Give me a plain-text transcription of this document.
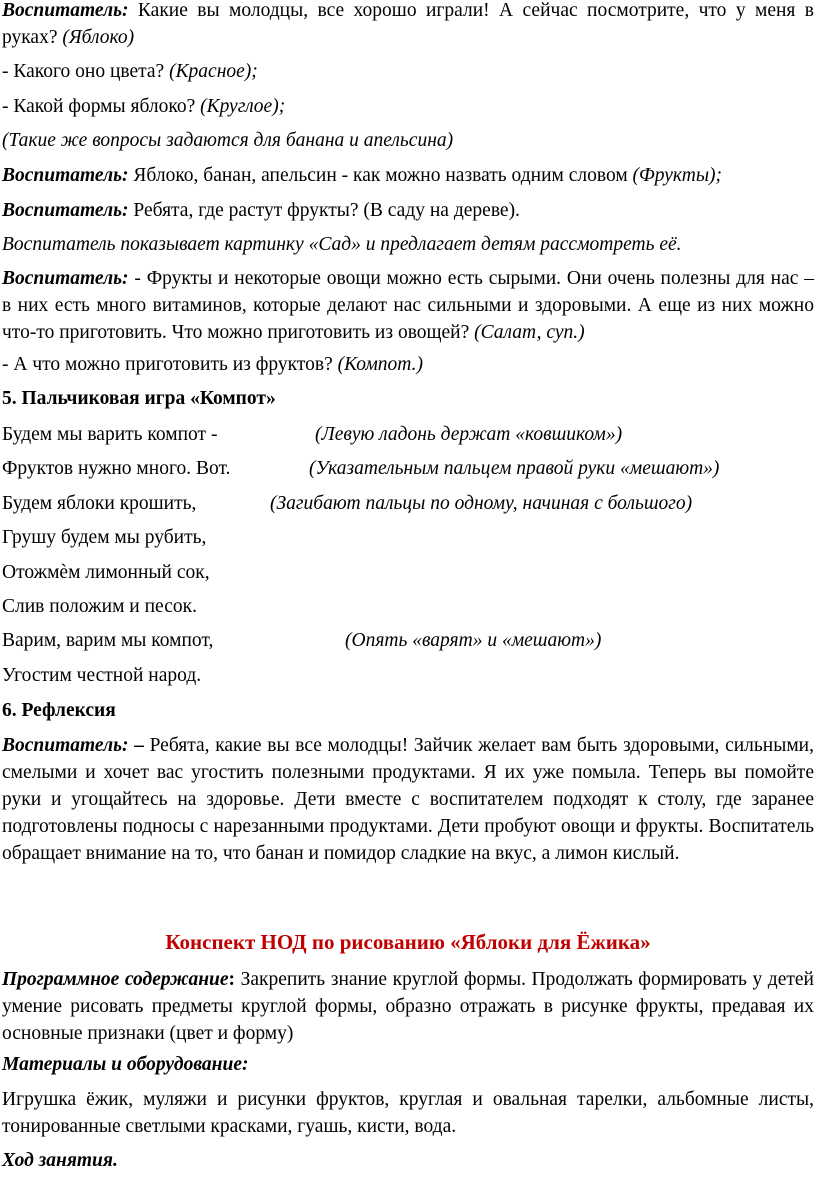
Воспитатель: Какие вы молодцы, все хорошо играли! А сейчас посмотрите, что у меня в руках? (Яблоко)
- Какого оно цвета? (Красное);
- Какой формы яблоко? (Круглое);
(Такие же вопросы задаются для банана и апельсина)
Воспитатель: Яблоко, банан, апельсин - как можно назвать одним словом (Фрукты);
Воспитатель: Ребята, где растут фрукты? (В саду на дереве).
Воспитатель показывает картинку «Сад» и предлагает детям рассмотреть её.
Воспитатель: - Фрукты и некоторые овощи можно есть сырыми. Они очень полезны для нас – в них есть много витаминов, которые делают нас сильными и здоровыми. А еще из них можно что-то приготовить. Что можно приготовить из овощей? (Салат, суп.)
- А что можно приготовить из фруктов? (Компот.)
5. Пальчиковая игра «Компот»
Будем мы варить компот -	(Левую ладонь держат «ковшиком»)
Фруктов нужно много. Вот.	(Указательным пальцем правой руки «мешают»)
Будем яблоки крошить,	(Загибают пальцы по одному, начиная с большого)
Грушу будем мы рубить,
Отожмѐм лимонный сок,
Слив положим и песок.
Варим, варим мы компот,	(Опять «варят» и «мешают»)
Угостим честной народ.
6. Рефлексия
Воспитатель: – Ребята, какие вы все молодцы! Зайчик желает вам быть здоровыми, сильными, смелыми и хочет вас угостить полезными продуктами. Я их уже помыла. Теперь вы помойте руки и угощайтесь на здоровье. Дети вместе с воспитателем подходят к столу, где заранее подготовлены подносы с нарезанными продуктами. Дети пробуют овощи и фрукты. Воспитатель обращает внимание на то, что банан и помидор сладкие на вкус, а лимон кислый.
Конспект НОД по рисованию «Яблоки для Ёжика»
Программное содержание: Закрепить знание круглой формы. Продолжать формировать у детей умение рисовать предметы круглой формы, образно отражать в рисунке фрукты, предавая их основные признаки (цвет и форму)
Материалы и оборудование:
Игрушка ёжик, муляжи и рисунки фруктов, круглая и овальная тарелки, альбомные листы, тонированные светлыми красками, гуашь, кисти, вода.
Ход занятия.
